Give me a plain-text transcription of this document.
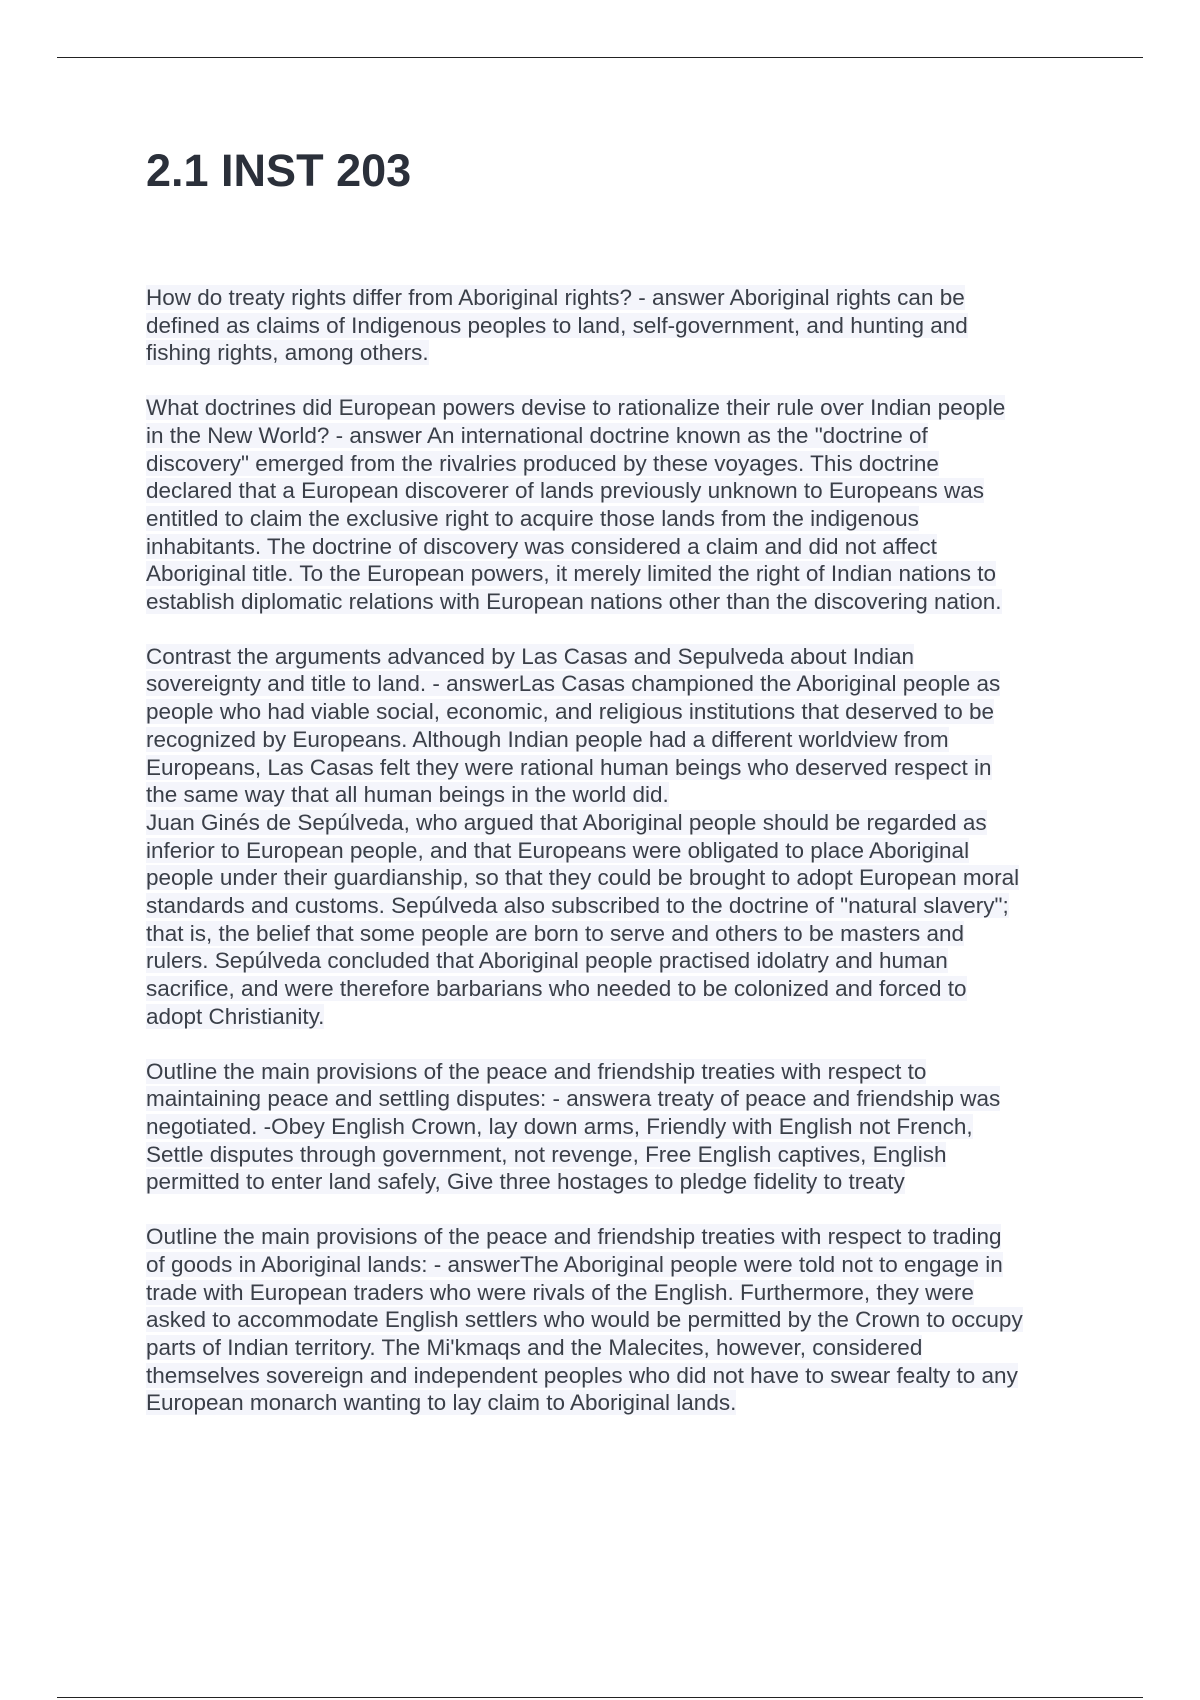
2.1 INST 203

How do treaty rights differ from Aboriginal rights? - answer Aboriginal rights can be
defined as claims of Indigenous peoples to land, self-government, and hunting and
fishing rights, among others.

What doctrines did European powers devise to rationalize their rule over Indian people
in the New World? - answer An international doctrine known as the "doctrine of
discovery" emerged from the rivalries produced by these voyages. This doctrine
declared that a European discoverer of lands previously unknown to Europeans was
entitled to claim the exclusive right to acquire those lands from the indigenous
inhabitants. The doctrine of discovery was considered a claim and did not affect
Aboriginal title. To the European powers, it merely limited the right of Indian nations to
establish diplomatic relations with European nations other than the discovering nation.

Contrast the arguments advanced by Las Casas and Sepulveda about Indian
sovereignty and title to land. - answerLas Casas championed the Aboriginal people as
people who had viable social, economic, and religious institutions that deserved to be
recognized by Europeans. Although Indian people had a different worldview from
Europeans, Las Casas felt they were rational human beings who deserved respect in
the same way that all human beings in the world did.
Juan Ginés de Sepúlveda, who argued that Aboriginal people should be regarded as
inferior to European people, and that Europeans were obligated to place Aboriginal
people under their guardianship, so that they could be brought to adopt European moral
standards and customs. Sepúlveda also subscribed to the doctrine of "natural slavery";
that is, the belief that some people are born to serve and others to be masters and
rulers. Sepúlveda concluded that Aboriginal people practised idolatry and human
sacrifice, and were therefore barbarians who needed to be colonized and forced to
adopt Christianity.

Outline the main provisions of the peace and friendship treaties with respect to
maintaining peace and settling disputes: - answera treaty of peace and friendship was
negotiated. -Obey English Crown, lay down arms, Friendly with English not French,
Settle disputes through government, not revenge, Free English captives, English
permitted to enter land safely, Give three hostages to pledge fidelity to treaty

Outline the main provisions of the peace and friendship treaties with respect to trading
of goods in Aboriginal lands: - answerThe Aboriginal people were told not to engage in
trade with European traders who were rivals of the English. Furthermore, they were
asked to accommodate English settlers who would be permitted by the Crown to occupy
parts of Indian territory. The Mi'kmaqs and the Malecites, however, considered
themselves sovereign and independent peoples who did not have to swear fealty to any
European monarch wanting to lay claim to Aboriginal lands.
